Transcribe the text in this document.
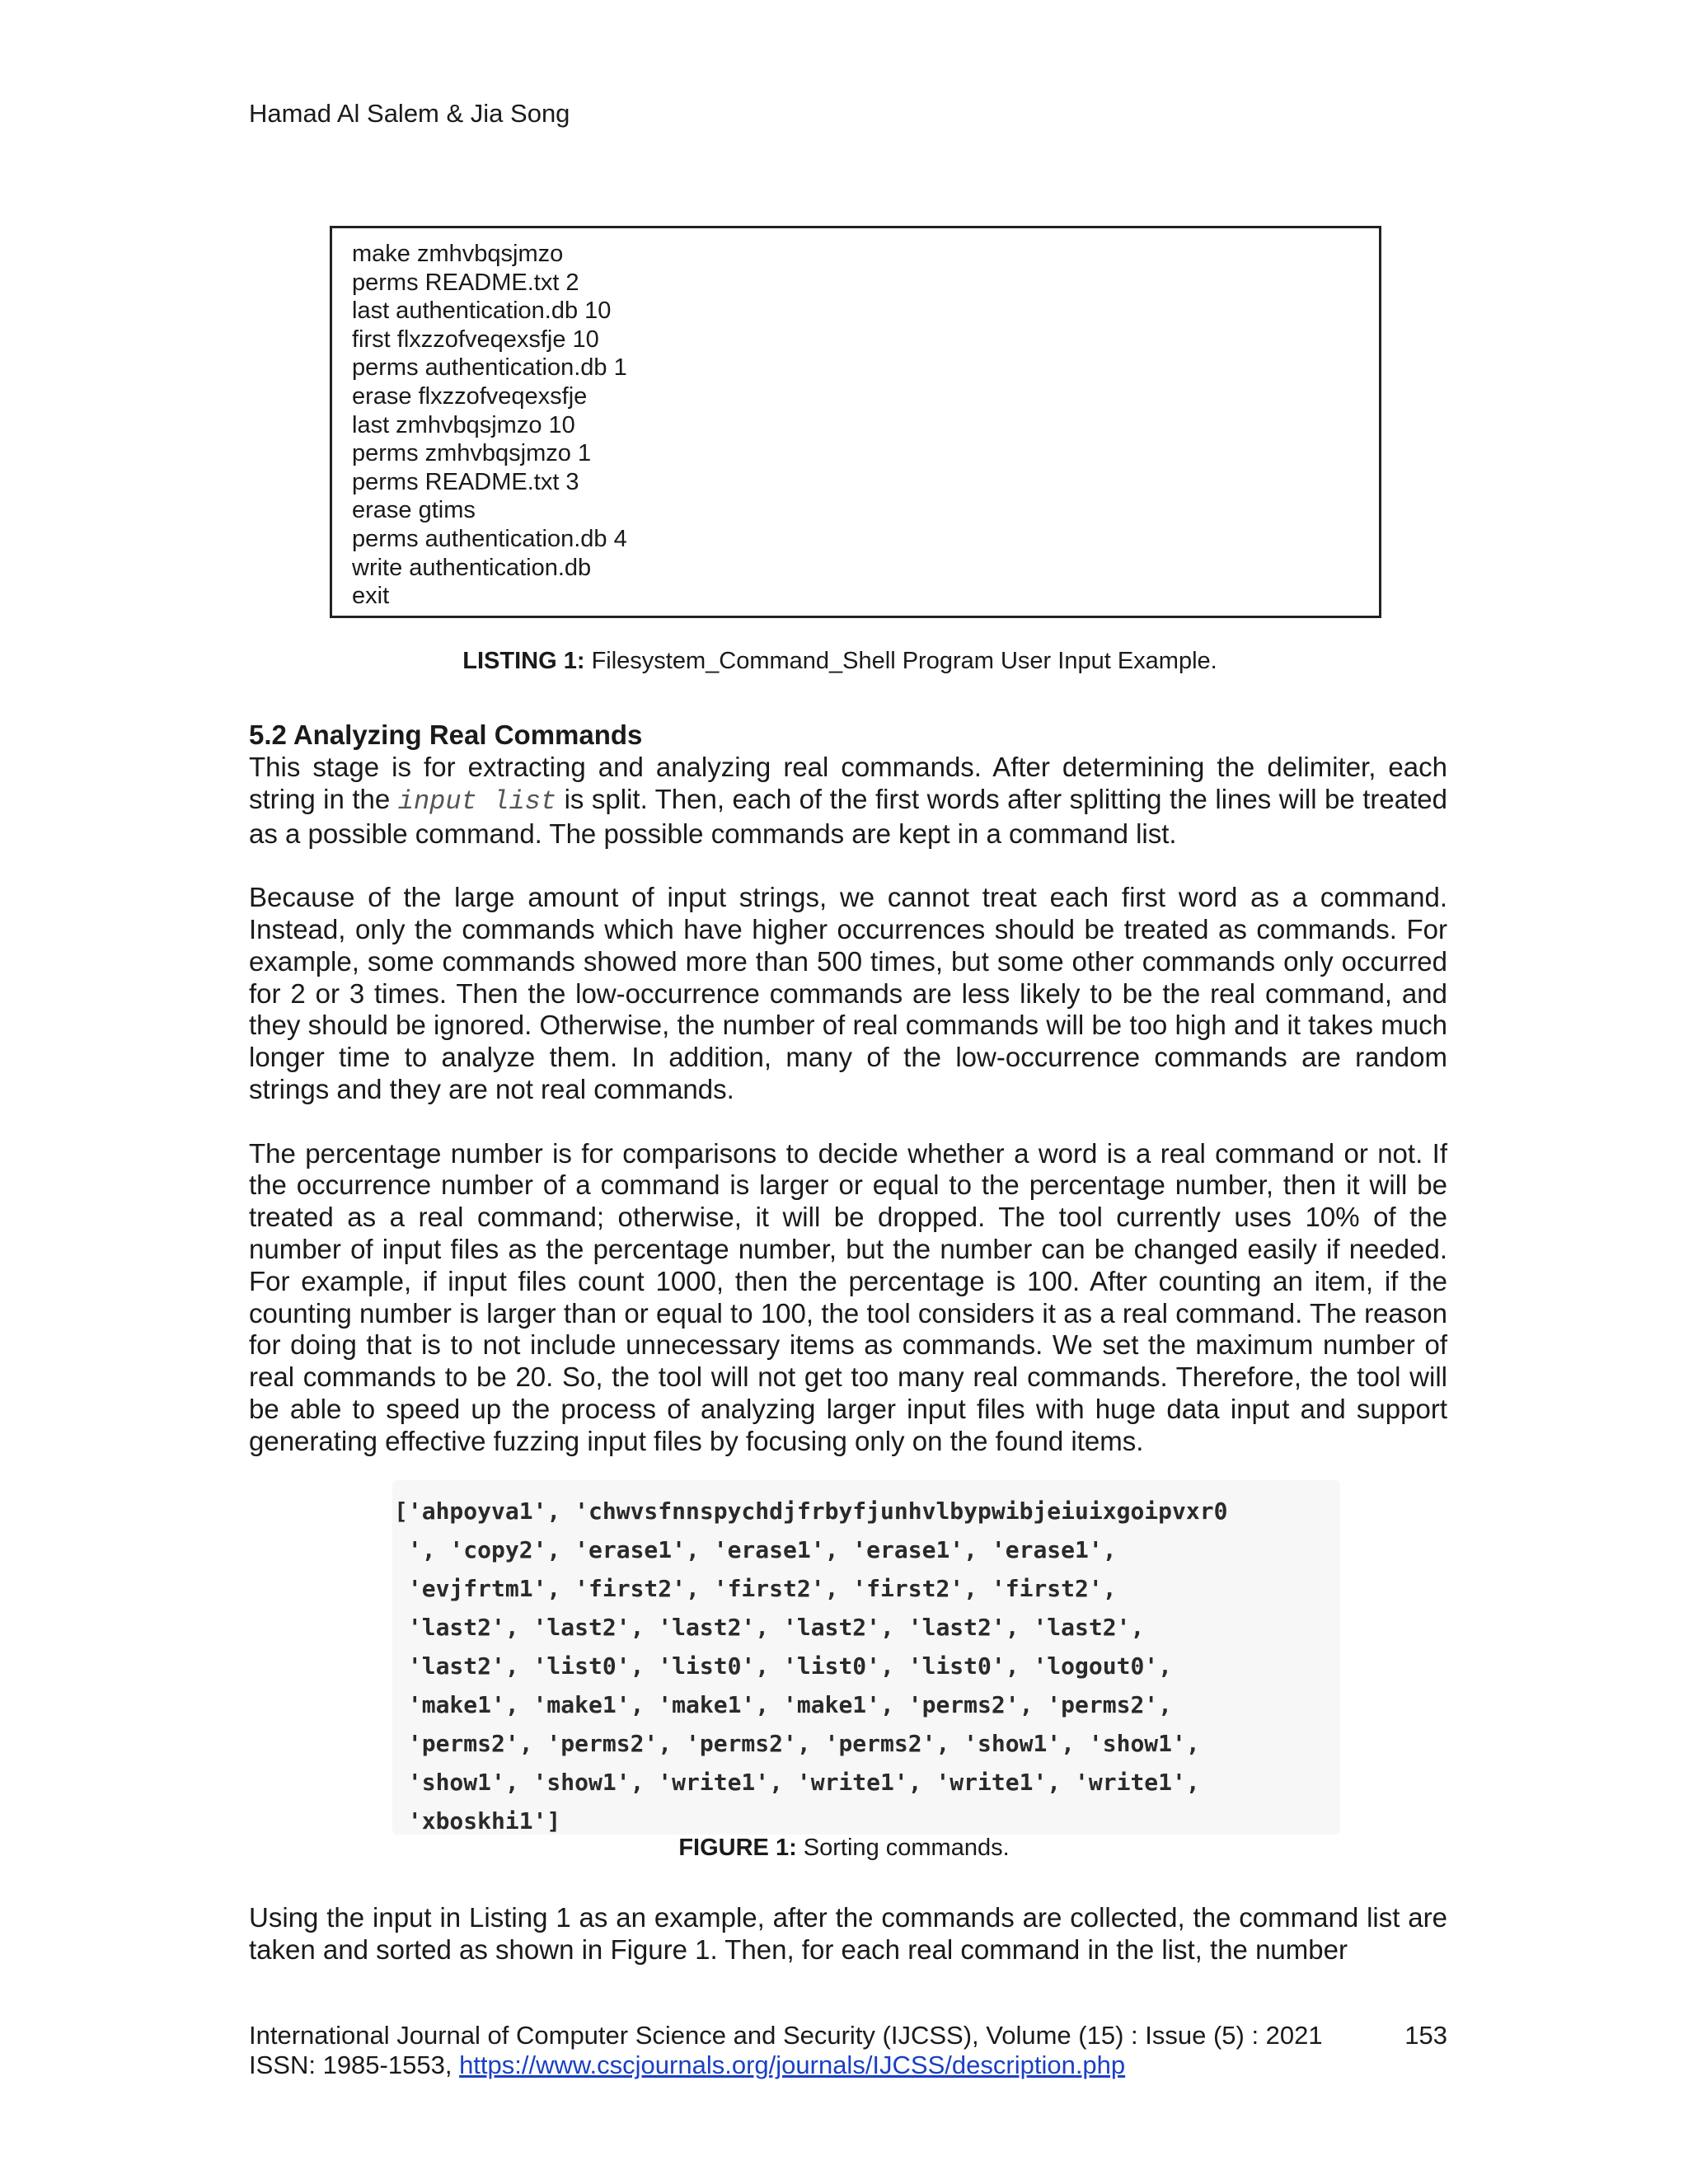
Hamad Al Salem & Jia Song
make zmhvbqsjmzo
perms README.txt 2
last authentication.db 10
first flxzzofveqexsfje 10
perms authentication.db 1
erase flxzzofveqexsfje
last zmhvbqsjmzo 10
perms zmhvbqsjmzo 1
perms README.txt 3
erase gtims
perms authentication.db 4
write authentication.db
exit
LISTING 1: Filesystem_Command_Shell Program User Input Example.
5.2 Analyzing Real Commands

This stage is for extracting and analyzing real commands. After determining the delimiter, each string in the input list is split. Then, each of the first words after splitting the lines will be treated as a possible command. The possible commands are kept in a command list.

Because of the large amount of input strings, we cannot treat each first word as a command. Instead, only the commands which have higher occurrences should be treated as commands. For example, some commands showed more than 500 times, but some other commands only occurred for 2 or 3 times. Then the low-occurrence commands are less likely to be the real command, and they should be ignored. Otherwise, the number of real commands will be too high and it takes much longer time to analyze them. In addition, many of the low-occurrence commands are random strings and they are not real commands.

The percentage number is for comparisons to decide whether a word is a real command or not. If the occurrence number of a command is larger or equal to the percentage number, then it will be treated as a real command; otherwise, it will be dropped. The tool currently uses 10% of the number of input files as the percentage number, but the number can be changed easily if needed. For example, if input files count 1000, then the percentage is 100. After counting an item, if the counting number is larger than or equal to 100, the tool considers it as a real command. The reason for doing that is to not include unnecessary items as commands. We set the maximum number of real commands to be 20. So, the tool will not get too many real commands. Therefore, the tool will be able to speed up the process of analyzing larger input files with huge data input and support generating effective fuzzing input files by focusing only on the found items.

['ahpoyva1', 'chwvsfnnspychdjfrbyfjunhvlbypwibjeiuixgoipvxr0
', 'copy2', 'erase1', 'erase1', 'erase1', 'erase1',
'evjfrtm1', 'first2', 'first2', 'first2', 'first2',
'last2', 'last2', 'last2', 'last2', 'last2', 'last2',
'last2', 'list0', 'list0', 'list0', 'list0', 'logout0',
'make1', 'make1', 'make1', 'make1', 'perms2', 'perms2',
'perms2', 'perms2', 'perms2', 'perms2', 'show1', 'show1',
'show1', 'show1', 'write1', 'write1', 'write1', 'write1',
'xboskhi1']
FIGURE 1: Sorting commands.

Using the input in Listing 1 as an example, after the commands are collected, the command list are taken and sorted as shown in Figure 1. Then, for each real command in the list, the number

International Journal of Computer Science and Security (IJCSS), Volume (15) : Issue (5) : 2021	153
ISSN: 1985-1553, https://www.cscjournals.org/journals/IJCSS/description.php
